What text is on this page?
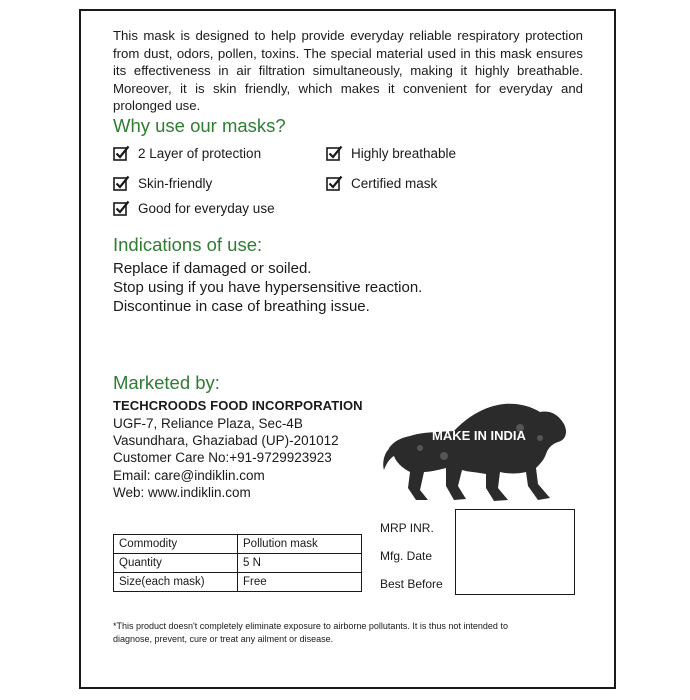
This mask is designed to help provide everyday reliable respiratory protection from dust, odors, pollen, toxins. The special material used in this mask ensures its effectiveness in air filtration simultaneously, making it highly breathable. Moreover, it is skin friendly, which makes it convenient for everyday and prolonged use.
Why use our masks?
2 Layer of protection	Highly breathable
Skin-friendly	Certified mask
Good for everyday use
Indications of use:
Replace if damaged or soiled.
Stop using if you have hypersensitive reaction.
Discontinue in case of breathing issue.
Marketed by:
TECHCROODS FOOD INCORPORATION
UGF-7, Reliance Plaza, Sec-4B
Vasundhara, Ghaziabad (UP)-201012
Customer Care No:+91-9729923923
Email: care@indiklin.com
Web: www.indiklin.com
MAKE IN INDIA
Commodity	Pollution mask
Quantity	5 N
Size(each mask)	Free
MRP INR.
Mfg. Date
Best Before
*This product doesn't completely eliminate exposure to airborne pollutants. It is thus not intended to diagnose, prevent, cure or treat any ailment or disease.
